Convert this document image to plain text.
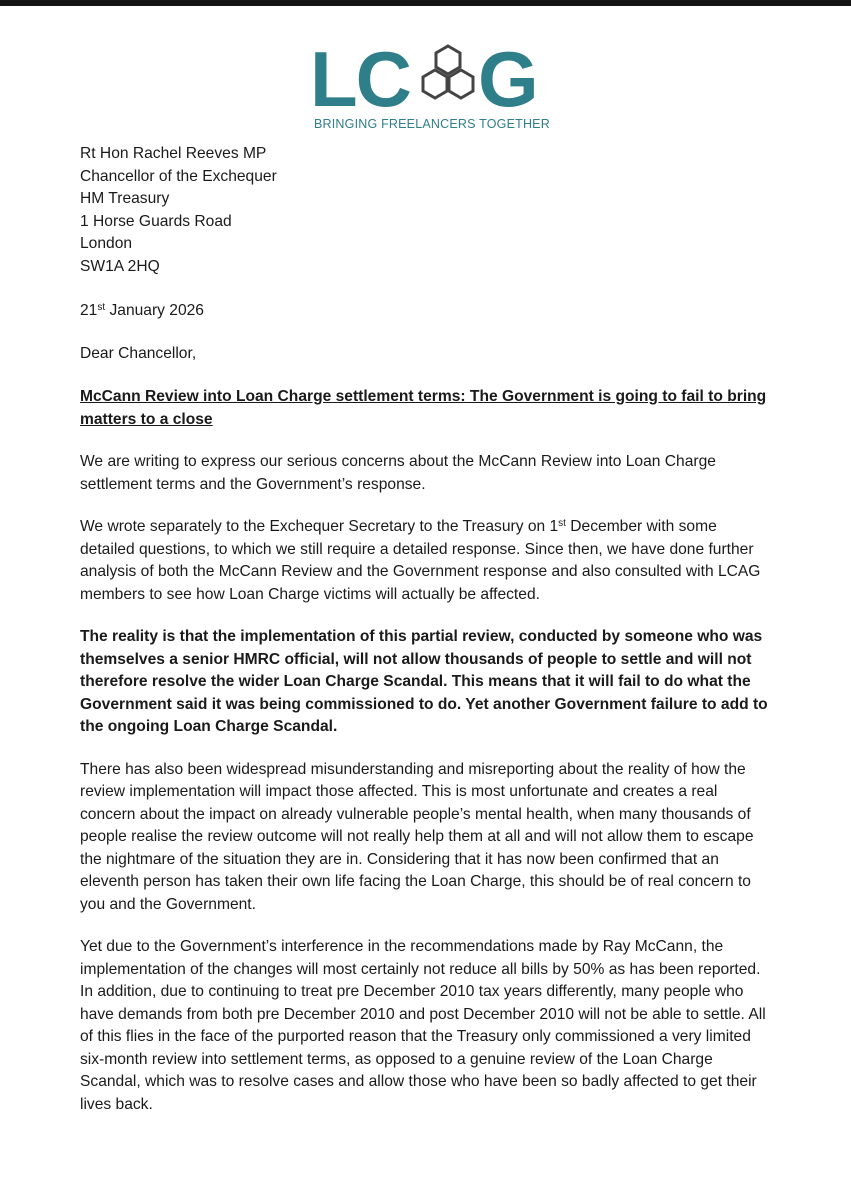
LC G
BRINGING FREELANCERS TOGETHER
Rt Hon Rachel Reeves MP
Chancellor of the Exchequer
HM Treasury
1 Horse Guards Road
London
SW1A 2HQ
21st January 2026
Dear Chancellor,
McCann Review into Loan Charge settlement terms: The Government is going to fail to bring matters to a close

We are writing to express our serious concerns about the McCann Review into Loan Charge settlement terms and the Government’s response.

We wrote separately to the Exchequer Secretary to the Treasury on 1st December with some detailed questions, to which we still require a detailed response. Since then, we have done further analysis of both the McCann Review and the Government response and also consulted with LCAG members to see how Loan Charge victims will actually be affected.

The reality is that the implementation of this partial review, conducted by someone who was themselves a senior HMRC official, will not allow thousands of people to settle and will not therefore resolve the wider Loan Charge Scandal. This means that it will fail to do what the Government said it was being commissioned to do. Yet another Government failure to add to the ongoing Loan Charge Scandal.

There has also been widespread misunderstanding and misreporting about the reality of how the review implementation will impact those affected. This is most unfortunate and creates a real concern about the impact on already vulnerable people’s mental health, when many thousands of people realise the review outcome will not really help them at all and will not allow them to escape the nightmare of the situation they are in. Considering that it has now been confirmed that an eleventh person has taken their own life facing the Loan Charge, this should be of real concern to you and the Government.

Yet due to the Government’s interference in the recommendations made by Ray McCann, the implementation of the changes will most certainly not reduce all bills by 50% as has been reported. In addition, due to continuing to treat pre December 2010 tax years differently, many people who have demands from both pre December 2010 and post December 2010 will not be able to settle. All of this flies in the face of the purported reason that the Treasury only commissioned a very limited six-month review into settlement terms, as opposed to a genuine review of the Loan Charge Scandal, which was to resolve cases and allow those who have been so badly affected to get their lives back.
